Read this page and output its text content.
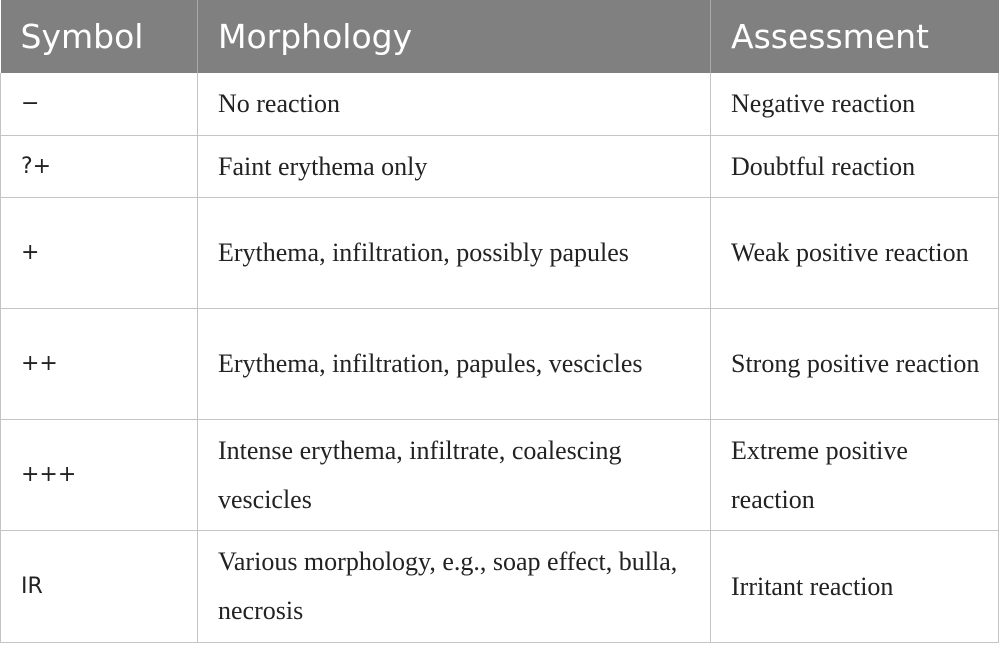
Symbol	Morphology	Assessment
−	No reaction	Negative reaction
?+	Faint erythema only	Doubtful reaction
+	Erythema, infiltration, possibly papules	Weak positive reaction
++	Erythema, infiltration, papules, vescicles	Strong positive reaction
+++	Intense erythema, infiltrate, coalescing vescicles	Extreme positive reaction
IR	Various morphology, e.g., soap effect, bulla, necrosis	Irritant reaction
